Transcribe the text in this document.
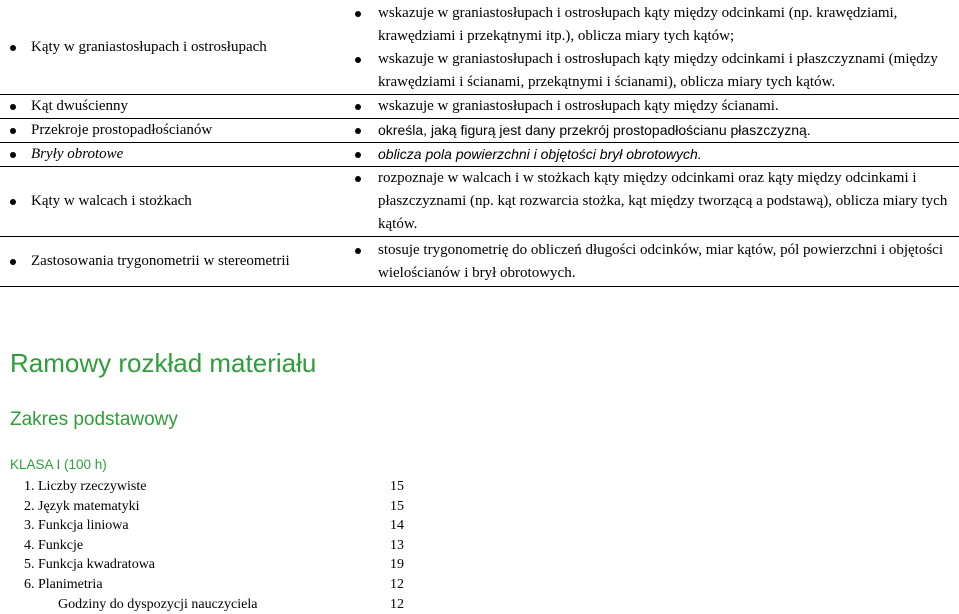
Kąty w graniastosłupach i ostrosłupach	wskazuje w graniastosłupach i ostrosłupach kąty między odcinkami (np. krawędziami, krawędziami i przekątnymi itp.), oblicza miary tych kątów;
wskazuje w graniastosłupach i ostrosłupach kąty między odcinkami i płaszczyznami (między krawędziami i ścianami, przekątnymi i ścianami), oblicza miary tych kątów.

Kąt dwuścienny	wskazuje w graniastosłupach i ostrosłupach kąty między ścianami.

Przekroje prostopadłościanów	określa, jaką figurą jest dany przekrój prostopadłościanu płaszczyzną.

Bryły obrotowe	oblicza pola powierzchni i objętości brył obrotowych.

Kąty w walcach i stożkach	rozpoznaje w walcach i w stożkach kąty między odcinkami oraz kąty między odcinkami i płaszczyznami (np. kąt rozwarcia stożka, kąt między tworzącą a podstawą), oblicza miary tych kątów.

Zastosowania trygonometrii w stereometrii	stosuje trygonometrię do obliczeń długości odcinków, miar kątów, pól powierzchni i objętości wielościanów i brył obrotowych.
Ramowy rozkład materiału
Zakres podstawowy
KLASA I (100 h)
1. Liczby rzeczywiste	15
2. Język matematyki	15
3. Funkcja liniowa	14
4. Funkcje	13
5. Funkcja kwadratowa	19
6. Planimetria	12
Godziny do dyspozycji nauczyciela	12
